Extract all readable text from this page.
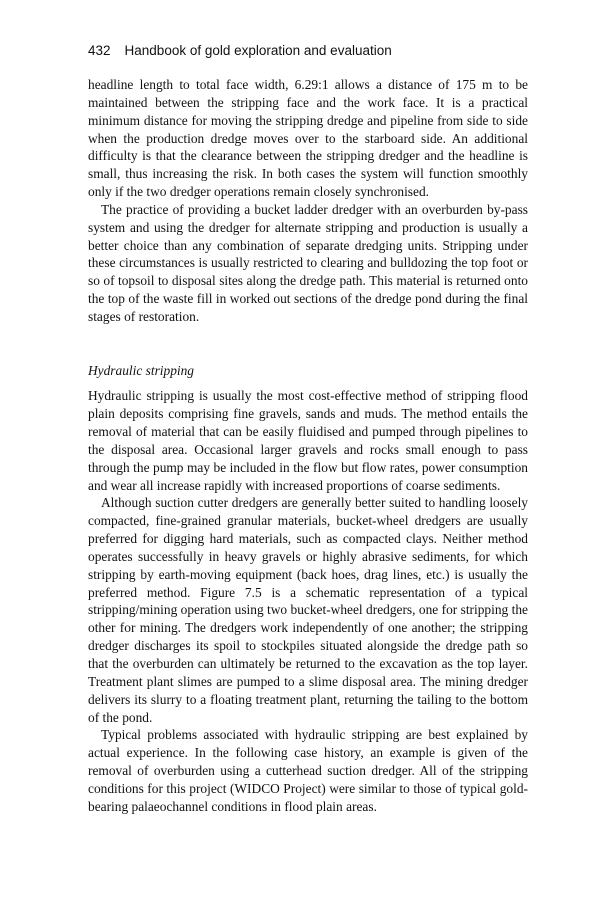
432 Handbook of gold exploration and evaluation

headline length to total face width, 6.29:1 allows a distance of 175 m to be maintained between the stripping face and the work face. It is a practical minimum distance for moving the stripping dredge and pipeline from side to side when the production dredge moves over to the starboard side. An additional difficulty is that the clearance between the stripping dredger and the headline is small, thus increasing the risk. In both cases the system will function smoothly only if the two dredger operations remain closely synchronised.

The practice of providing a bucket ladder dredger with an overburden by-pass system and using the dredger for alternate stripping and production is usually a better choice than any combination of separate dredging units. Stripping under these circumstances is usually restricted to clearing and bulldozing the top foot or so of topsoil to disposal sites along the dredge path. This material is returned onto the top of the waste fill in worked out sections of the dredge pond during the final stages of restoration.

Hydraulic stripping

Hydraulic stripping is usually the most cost-effective method of stripping flood plain deposits comprising fine gravels, sands and muds. The method entails the removal of material that can be easily fluidised and pumped through pipelines to the disposal area. Occasional larger gravels and rocks small enough to pass through the pump may be included in the flow but flow rates, power consumption and wear all increase rapidly with increased proportions of coarse sediments.

Although suction cutter dredgers are generally better suited to handling loosely compacted, fine-grained granular materials, bucket-wheel dredgers are usually preferred for digging hard materials, such as compacted clays. Neither method operates successfully in heavy gravels or highly abrasive sediments, for which stripping by earth-moving equipment (back hoes, drag lines, etc.) is usually the preferred method. Figure 7.5 is a schematic representation of a typical stripping/mining operation using two bucket-wheel dredgers, one for stripping the other for mining. The dredgers work independently of one another; the stripping dredger discharges its spoil to stockpiles situated alongside the dredge path so that the overburden can ultimately be returned to the excavation as the top layer. Treatment plant slimes are pumped to a slime disposal area. The mining dredger delivers its slurry to a floating treatment plant, returning the tailing to the bottom of the pond.

Typical problems associated with hydraulic stripping are best explained by actual experience. In the following case history, an example is given of the removal of overburden using a cutterhead suction dredger. All of the stripping conditions for this project (WIDCO Project) were similar to those of typical gold-bearing palaeochannel conditions in flood plain areas.
